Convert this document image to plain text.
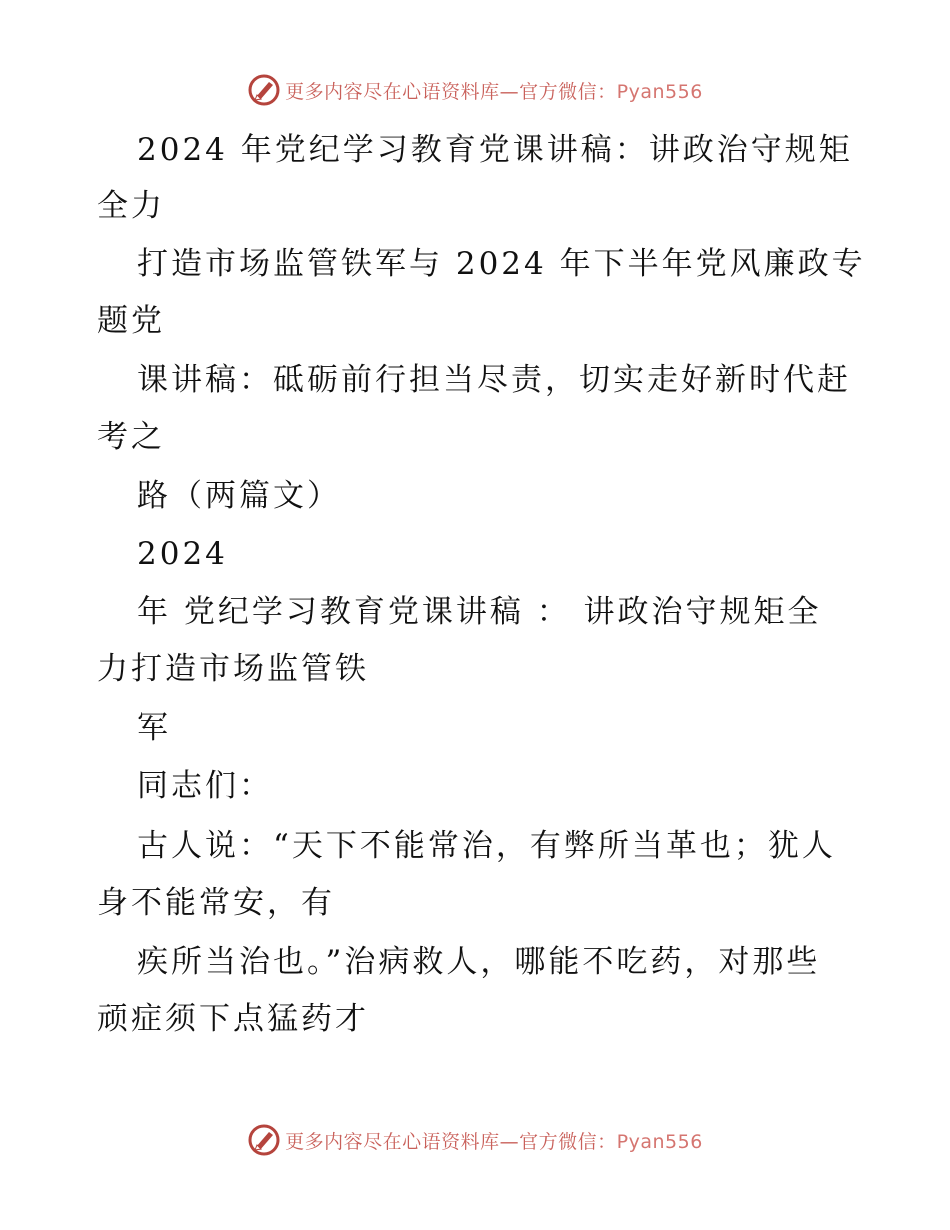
更多内容尽在心语资料库—官方微信：Pyan556
2024 年党纪学习教育党课讲稿：讲政治守规矩
全力
打造市场监管铁军与 2024 年下半年党风廉政专
题党
课讲稿：砥砺前行担当尽责，切实走好新时代赶
考之
路（两篇文）
2024
年 党纪学习教育党课讲稿 ： 讲政治守规矩全
力打造市场监管铁
军
同志们：
古人说：“天下不能常治，有弊所当革也；犹人
身不能常安，有
疾所当治也。”治病救人，哪能不吃药，对那些
顽症须下点猛药才
更多内容尽在心语资料库—官方微信：Pyan556
